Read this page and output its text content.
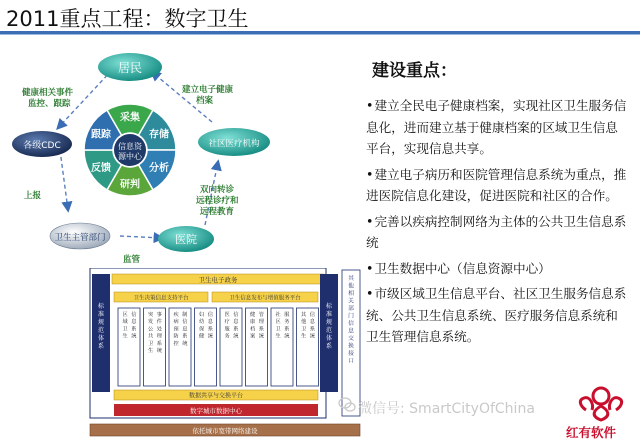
2011重点工程：数字卫生
居民
各级CDC	社区医疗机构
卫生主管部门	医院
健康相关事件 监控、跟踪
建立电子健康 档案
上报
双向转诊 远程诊疗和 远程教育
监管
采集
存储
分析
研判
反馈
跟踪
信息资
源中心
卫生电子政务
卫生决策信息支持平台	卫生信息发布与增值服务平台
标准规范体系
标准规范体系
其他相关部门信息交换接口
区域卫生信息系统
突发公共卫生事件处理系统
疾病预防控制信息系统
妇幼保健信息系统
医疗服务信息系统
健康档案管理系统
社区卫生服务系统
其他卫生信息系统
数据共享与交换平台
数字城市数据中心
依托城市宽带网络建设
建设重点：
•建立全民电子健康档案，实现社区卫生服务信息化，进而建立基于健康档案的区域卫生信息平台，实现信息共享。
•建立电子病历和医院管理信息系统为重点，推进医院信息化建设，促进医院和社区的合作。
•完善以疾病控制网络为主体的公共卫生信息系统
•卫生数据中心（信息资源中心）
•市级区域卫生信息平台、社区卫生服务信息系统、公共卫生信息系统、医疗服务信息系统和卫生管理信息系统。
微信号: SmartCityOfChina
红有软件
